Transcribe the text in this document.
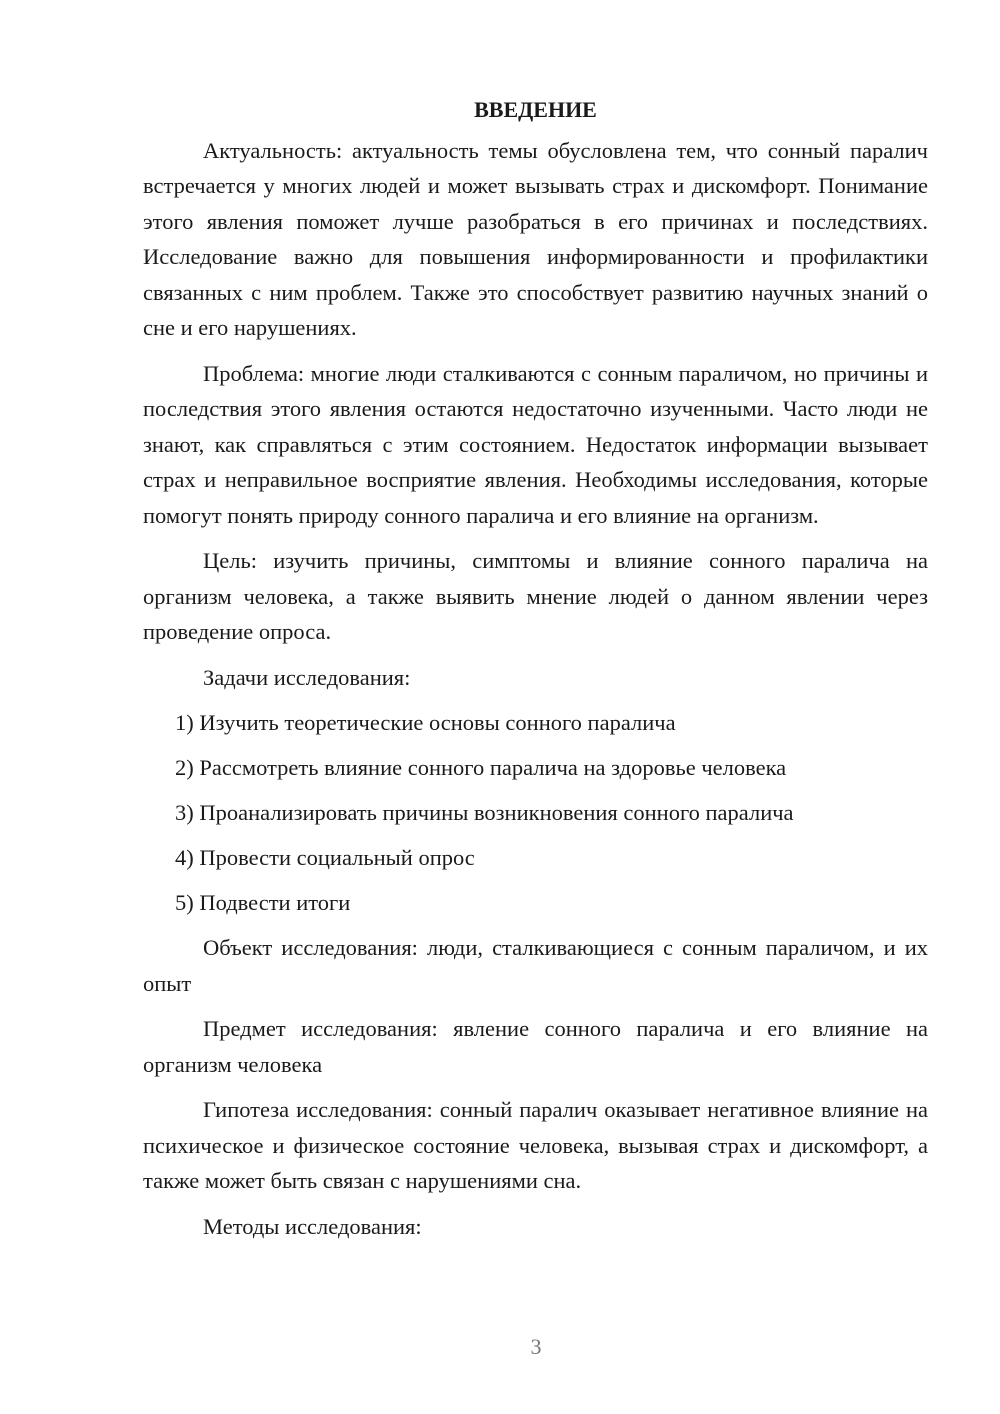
ВВЕДЕНИЕ

Актуальность: актуальность темы обусловлена тем, что сонный паралич встречается у многих людей и может вызывать страх и дискомфорт. Понимание этого явления поможет лучше разобраться в его причинах и последствиях. Исследование важно для повышения информированности и профилактики связанных с ним проблем. Также это способствует развитию научных знаний о сне и его нарушениях.

Проблема: многие люди сталкиваются с сонным параличом, но причины и последствия этого явления остаются недостаточно изученными. Часто люди не знают, как справляться с этим состоянием. Недостаток информации вызывает страх и неправильное восприятие явления. Необходимы исследования, которые помогут понять природу сонного паралича и его влияние на организм.

Цель: изучить причины, симптомы и влияние сонного паралича на организм человека, а также выявить мнение людей о данном явлении через проведение опроса.

Задачи исследования:

1) Изучить теоретические основы сонного паралича
2) Рассмотреть влияние сонного паралича на здоровье человека
3) Проанализировать причины возникновения сонного паралича
4) Провести социальный опрос
5) Подвести итоги

Объект исследования: люди, сталкивающиеся с сонным параличом, и их опыт

Предмет исследования: явление сонного паралича и его влияние на организм человека

Гипотеза исследования: сонный паралич оказывает негативное влияние на психическое и физическое состояние человека, вызывая страх и дискомфорт, а также может быть связан с нарушениями сна.

Методы исследования:

3
